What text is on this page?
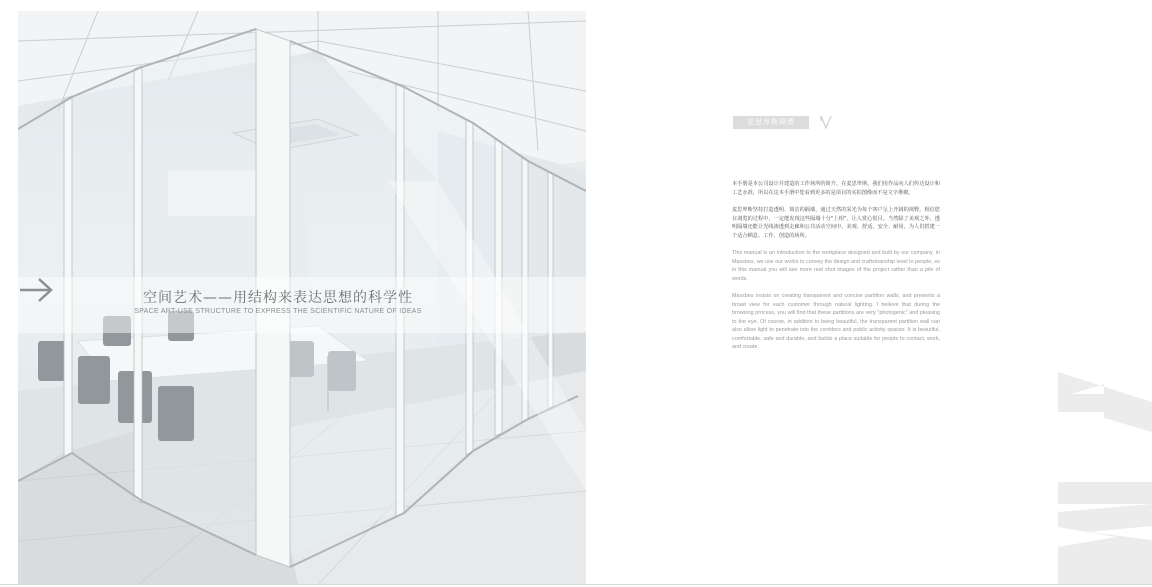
空间艺术——用结构来表达思想的科学性
SPACE ART-USE STRUCTURE TO EXPRESS THE SCIENTIFIC NATURE OF IDEAS
麦思卑斯隔墙

本手册是本公司设计并建造的工作场所的简介。在麦思卑斯，我们用作品向人们传达设计和工艺水准，所以在这本手册中您看到更多的是项目的实拍图像而不是文字堆砌。

麦思卑斯坚持打造透明、简洁的隔墙，通过天然的采光为每个客户呈上开阔的视野。相信您在浏览的过程中，一定能发现这些隔墙十分"上相"，让人赏心悦目。当然除了美观之外，透明隔墙还能让光线渗透到走廊和公共活动空间中。美观、舒适、安全、耐用，为人们搭建一个适合栖息、工作、创造的场所。

This manual is an introduction to the workplace designed and built by our company. In Maxsbes, we use our works to convey the design and craftsmanship level to people, so in this manual you will see more real shot images of the project rather than a pile of words.

Maxsbes insists on creating transparent and concise partition walls, and presents a broad view for each customer through natural lighting. I believe that during the browsing process, you will find that these partitions are very "photogenic" and pleasing to the eye. Of course, in addition to being beautiful, the transparent partition wall can also allow light to penetrate into the corridors and public activity spaces. It is beautiful, comfortable, safe and durable, and builds a place suitable for people to contact, work, and create.
